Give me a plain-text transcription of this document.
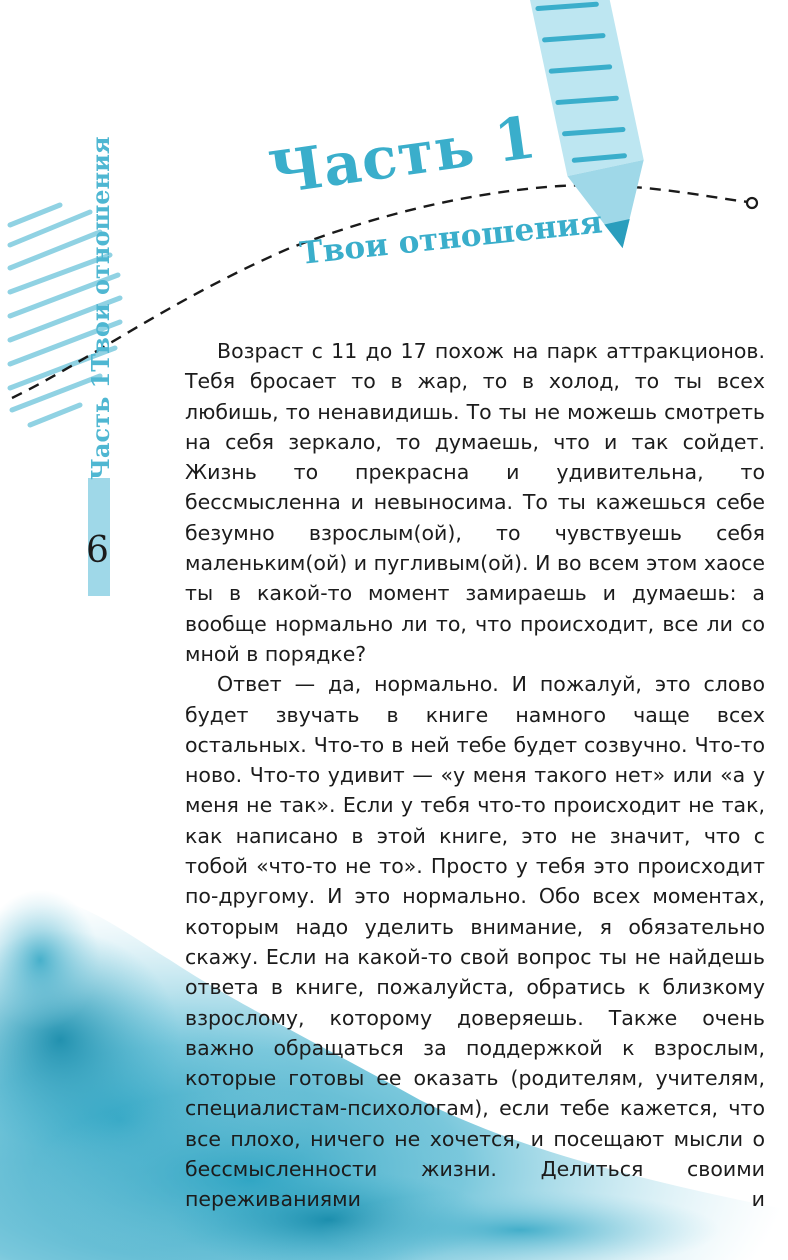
Часть 1
Твои отношения
Часть 1Твои отношения
6

Возраст с 11 до 17 похож на парк аттракционов. Тебя бросает то в жар, то в холод, то ты всех любишь, то ненавидишь. То ты не можешь смотреть на себя зеркало, то думаешь, что и так сойдет. Жизнь то прекрасна и удивительна, то бессмысленна и невыносима. То ты кажешься себе безумно взрослым(ой), то чувствуешь себя маленьким(ой) и пугливым(ой). И во всем этом хаосе ты в какой-то момент замираешь и думаешь: а вообще нормально ли то, что происходит, все ли со мной в порядке?

Ответ — да, нормально. И пожалуй, это слово будет звучать в книге намного чаще всех остальных. Что-то в ней тебе будет созвучно. Что-то ново. Что-то удивит — «у меня такого нет» или «а у меня не так». Если у тебя что-то происходит не так, как написано в этой книге, это не значит, что с тобой «что-то не то». Просто у тебя это происходит по-другому. И это нормально. Обо всех моментах, которым надо уделить внимание, я обязательно скажу. Если на какой-то свой вопрос ты не найдешь ответа в книге, пожалуйста, обратись к близкому взрослому, которому доверяешь. Также очень важно обращаться за поддержкой к взрослым, которые готовы ее оказать (родителям, учителям, специалистам-психологам), если тебе кажется, что все плохо, ничего не хочется, и посещают мысли о бессмысленности жизни. Делиться своими переживаниями и
